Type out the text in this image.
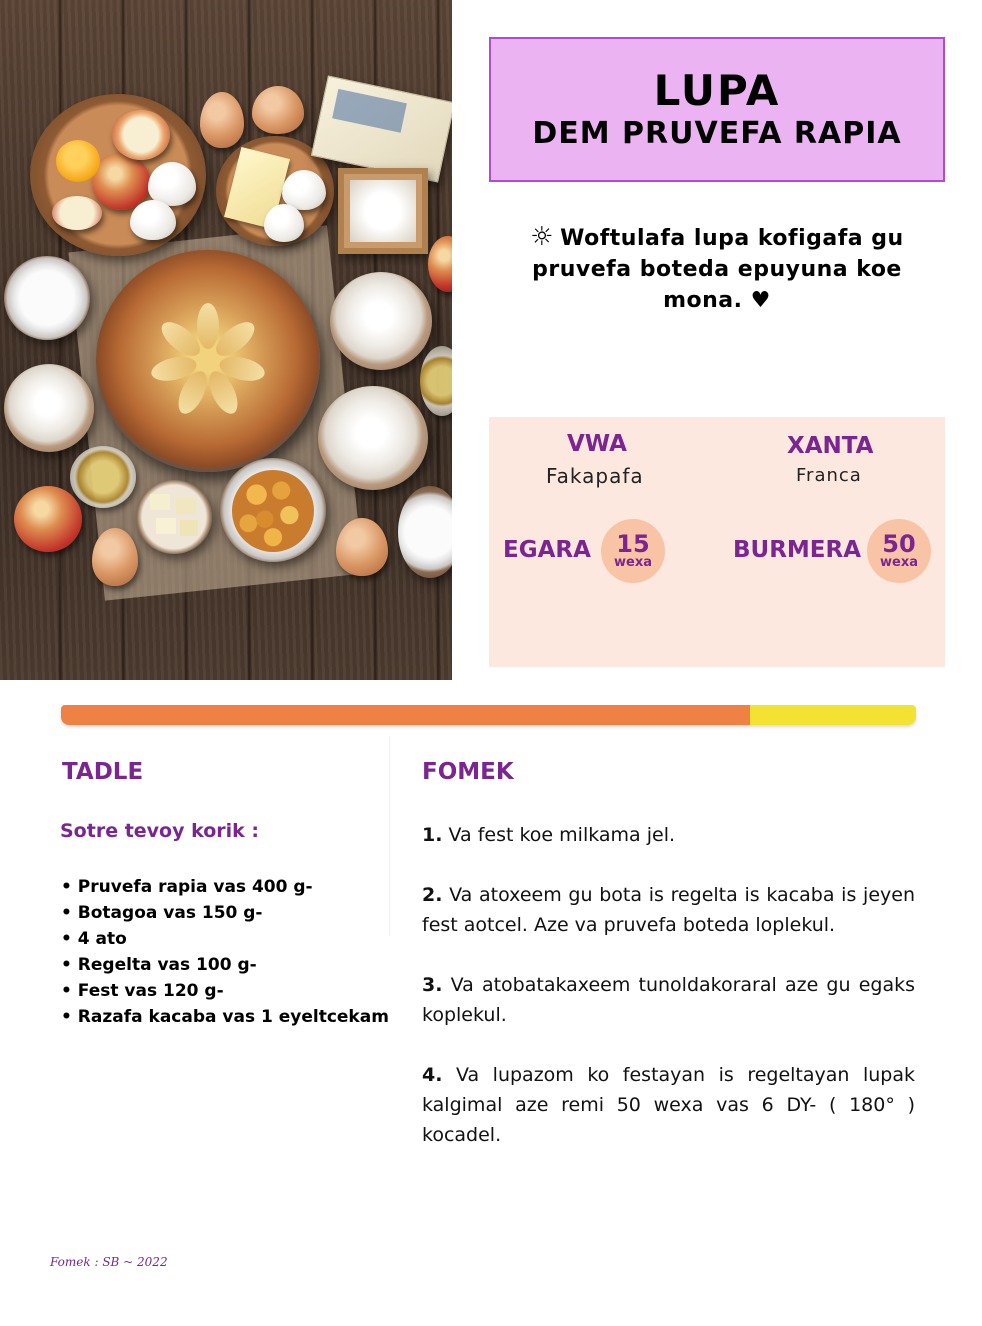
LUPA
DEM PRUVEFA RAPIA
☼ Woftulafa lupa kofigafa gu pruvefa boteda epuyuna koe mona. ♥
VWA
Fakapafa
XANTA
Franca
EGARA	15
wexa	BURMERA 50
wexa
TADLE
Sotre tevoy korik :
• Pruvefa rapia vas 400 g-
• Botagoa vas 150 g-
• 4 ato
• Regelta vas 100 g-
• Fest vas 120 g-
• Razafa kacaba vas 1 eyeltcekam
FOMEK

1. Va fest koe milkama jel.

2. Va atoxeem gu bota is regelta is kacaba is jeyen fest aotcel. Aze va pruvefa boteda loplekul.

3. Va atobatakaxeem tunoldakoraral aze gu egaks koplekul.

4. Va lupazom ko festayan is regeltayan lupak kalgimal aze remi 50 wexa vas 6 DY- ( 180° ) kocadel.

Fomek : SB ~ 2022
